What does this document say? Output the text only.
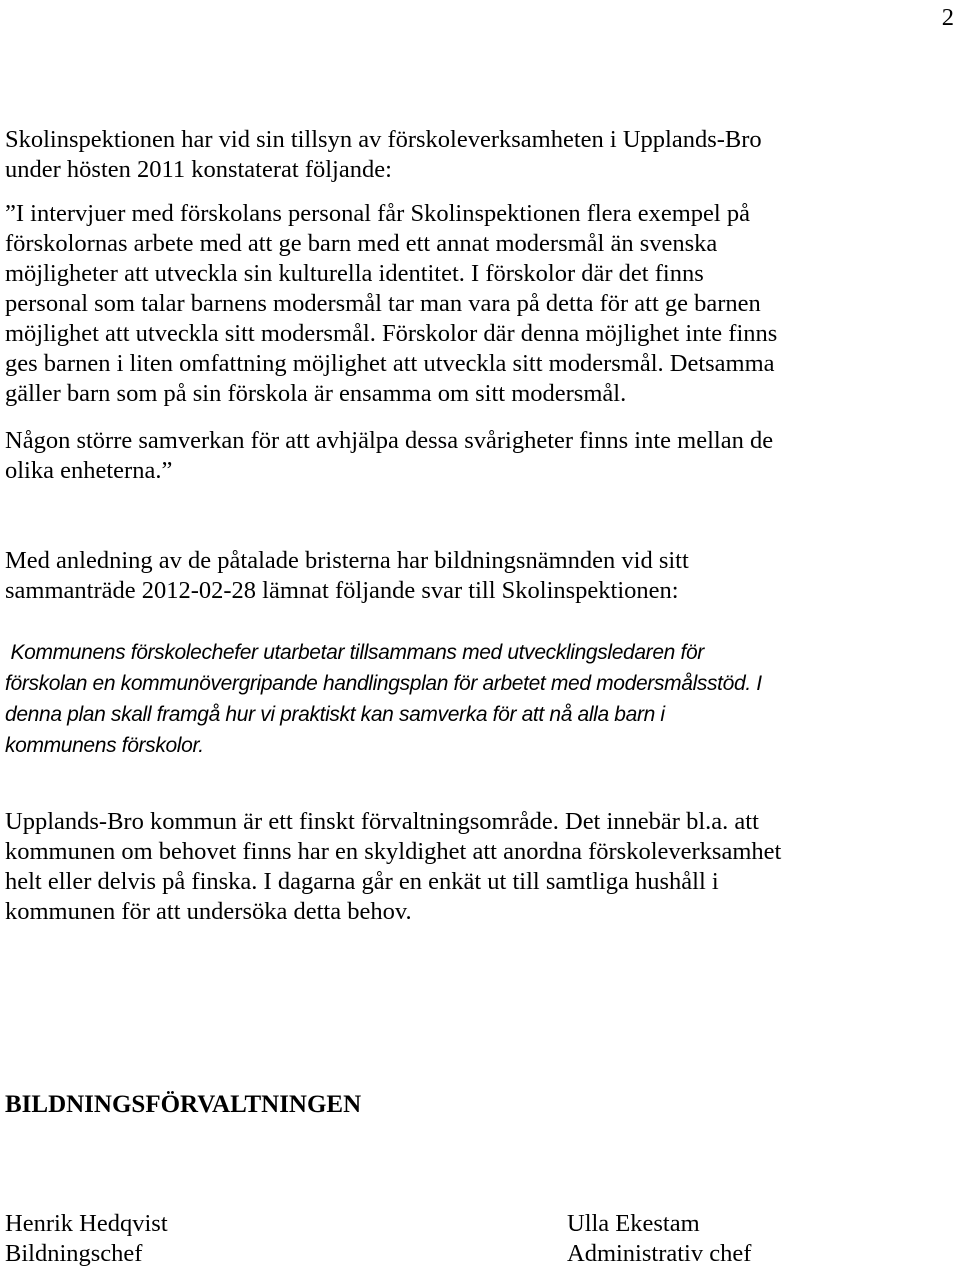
2
Skolinspektionen har vid sin tillsyn av förskoleverksamheten i Upplands-Bro
under hösten 2011 konstaterat följande:
”I intervjuer med förskolans personal får Skolinspektionen flera exempel på
förskolornas arbete med att ge barn med ett annat modersmål än svenska
möjligheter att utveckla sin kulturella identitet. I förskolor där det finns
personal som talar barnens modersmål tar man vara på detta för att ge barnen
möjlighet att utveckla sitt modersmål. Förskolor där denna möjlighet inte finns
ges barnen i liten omfattning möjlighet att utveckla sitt modersmål. Detsamma
gäller barn som på sin förskola är ensamma om sitt modersmål.
Någon större samverkan för att avhjälpa dessa svårigheter finns inte mellan de
olika enheterna.”
Med anledning av de påtalade bristerna har bildningsnämnden vid sitt
sammanträde 2012-02-28 lämnat följande svar till Skolinspektionen:
Kommunens förskolechefer utarbetar tillsammans med utvecklingsledaren för
förskolan en kommunövergripande handlingsplan för arbetet med modersmålsstöd. I
denna plan skall framgå hur vi praktiskt kan samverka för att nå alla barn i
kommunens förskolor.
Upplands-Bro kommun är ett finskt förvaltningsområde. Det innebär bl.a. att
kommunen om behovet finns har en skyldighet att anordna förskoleverksamhet
helt eller delvis på finska. I dagarna går en enkät ut till samtliga hushåll i
kommunen för att undersöka detta behov.
BILDNINGSFÖRVALTNINGEN
Henrik Hedqvist
Bildningschef
Ulla Ekestam
Administrativ chef
